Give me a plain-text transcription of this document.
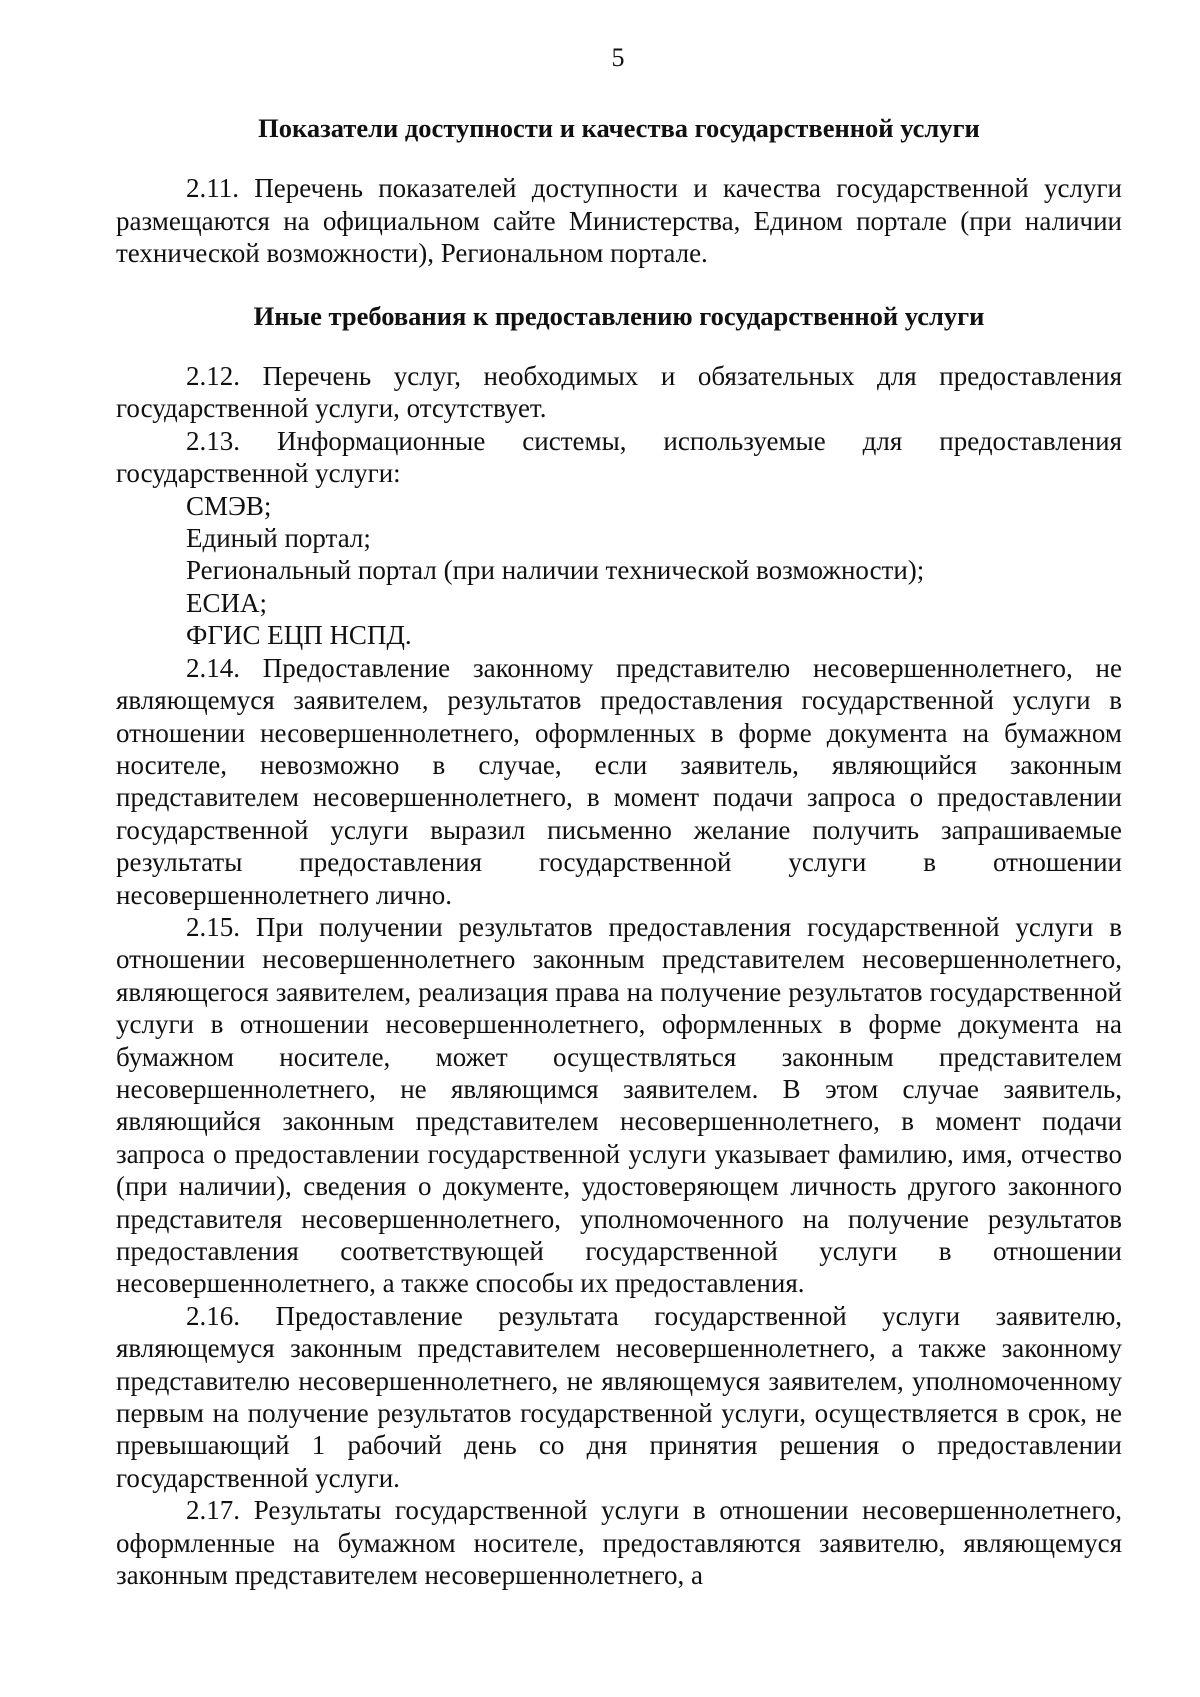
5
Показатели доступности и качества государственной услуги

2.11. Перечень показателей доступности и качества государственной услуги размещаются на официальном сайте Министерства, Едином портале (при наличии технической возможности), Региональном портале.

Иные требования к предоставлению государственной услуги

2.12. Перечень услуг, необходимых и обязательных для предоставления государственной услуги, отсутствует.

2.13. Информационные системы, используемые для предоставления государственной услуги:

СМЭВ;

Единый портал;

Региональный портал (при наличии технической возможности);

ЕСИА;

ФГИС ЕЦП НСПД.

2.14. Предоставление законному представителю несовершеннолетнего, не являющемуся заявителем, результатов предоставления государственной услуги в отношении несовершеннолетнего, оформленных в форме документа на бумажном носителе, невозможно в случае, если заявитель, являющийся законным представителем несовершеннолетнего, в момент подачи запроса о предоставлении государственной услуги выразил письменно желание получить запрашиваемые результаты предоставления государственной услуги в отношении несовершеннолетнего лично.

2.15. При получении результатов предоставления государственной услуги в отношении несовершеннолетнего законным представителем несовершеннолетнего, являющегося заявителем, реализация права на получение результатов государственной услуги в отношении несовершеннолетнего, оформленных в форме документа на бумажном носителе, может осуществляться законным представителем несовершеннолетнего, не являющимся заявителем. В этом случае заявитель, являющийся законным представителем несовершеннолетнего, в момент подачи запроса о предоставлении государственной услуги указывает фамилию, имя, отчество (при наличии), сведения о документе, удостоверяющем личность другого законного представителя несовершеннолетнего, уполномоченного на получение результатов предоставления соответствующей государственной услуги в отношении несовершеннолетнего, а также способы их предоставления.

2.16. Предоставление результата государственной услуги заявителю, являющемуся законным представителем несовершеннолетнего, а также законному представителю несовершеннолетнего, не являющемуся заявителем, уполномоченному первым на получение результатов государственной услуги, осуществляется в срок, не превышающий 1 рабочий день со дня принятия решения о предоставлении государственной услуги.

2.17. Результаты государственной услуги в отношении несовершеннолетнего, оформленные на бумажном носителе, предоставляются заявителю, являющемуся законным представителем несовершеннолетнего, а
